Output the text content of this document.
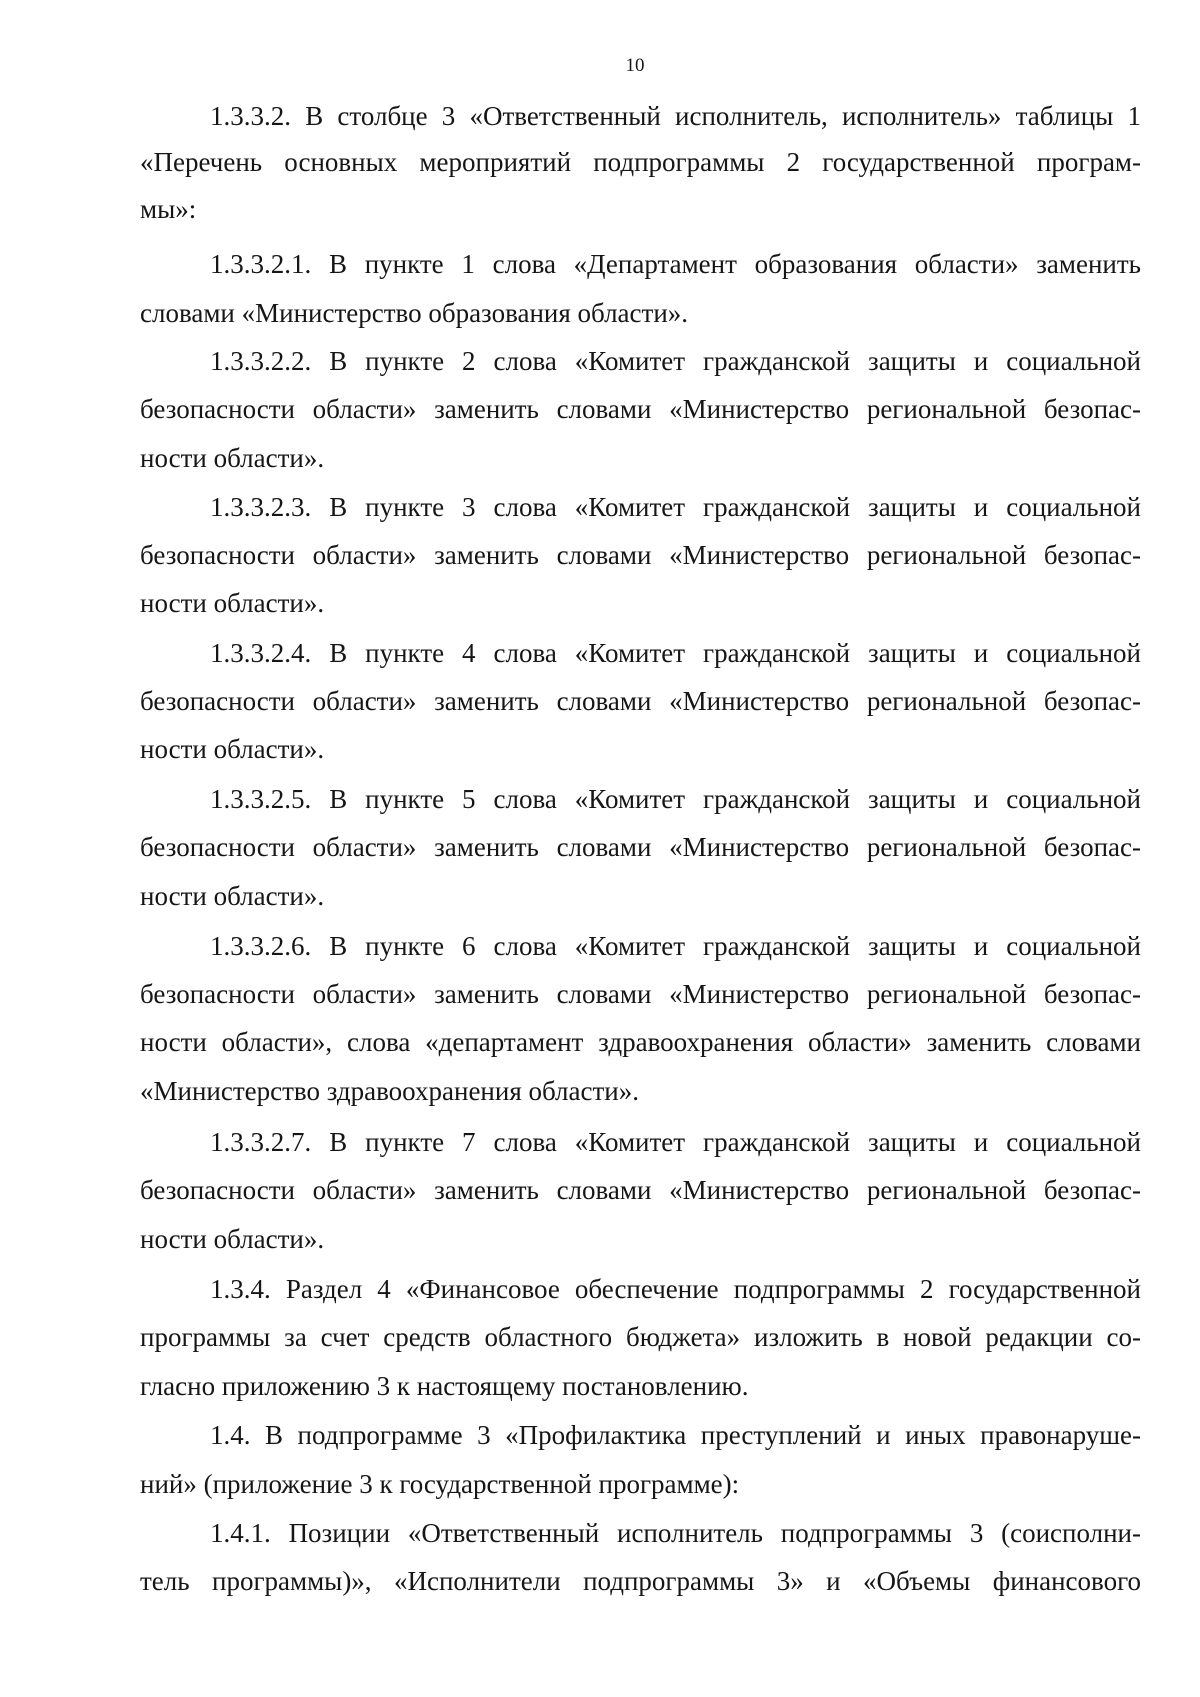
10
1.3.3.2. В столбце 3 «Ответственный исполнитель, исполнитель» таблицы 1
«Перечень основных мероприятий подпрограммы 2 государственной програм-
мы»:
1.3.3.2.1. В пункте 1 слова «Департамент образования области» заменить
словами «Министерство образования области».
1.3.3.2.2. В пункте 2 слова «Комитет гражданской защиты и социальной
безопасности области» заменить словами «Министерство региональной безопас-
ности области».
1.3.3.2.3. В пункте 3 слова «Комитет гражданской защиты и социальной
безопасности области» заменить словами «Министерство региональной безопас-
ности области».
1.3.3.2.4. В пункте 4 слова «Комитет гражданской защиты и социальной
безопасности области» заменить словами «Министерство региональной безопас-
ности области».
1.3.3.2.5. В пункте 5 слова «Комитет гражданской защиты и социальной
безопасности области» заменить словами «Министерство региональной безопас-
ности области».
1.3.3.2.6. В пункте 6 слова «Комитет гражданской защиты и социальной
безопасности области» заменить словами «Министерство региональной безопас-
ности области», слова «департамент здравоохранения области» заменить словами
«Министерство здравоохранения области».
1.3.3.2.7. В пункте 7 слова «Комитет гражданской защиты и социальной
безопасности области» заменить словами «Министерство региональной безопас-
ности области».
1.3.4. Раздел 4 «Финансовое обеспечение подпрограммы 2 государственной
программы за счет средств областного бюджета» изложить в новой редакции со-
гласно приложению 3 к настоящему постановлению.
1.4. В подпрограмме 3 «Профилактика преступлений и иных правонаруше-
ний» (приложение 3 к государственной программе):
1.4.1. Позиции «Ответственный исполнитель подпрограммы 3 (соисполни-
тель программы)», «Исполнители подпрограммы 3» и «Объемы финансового
